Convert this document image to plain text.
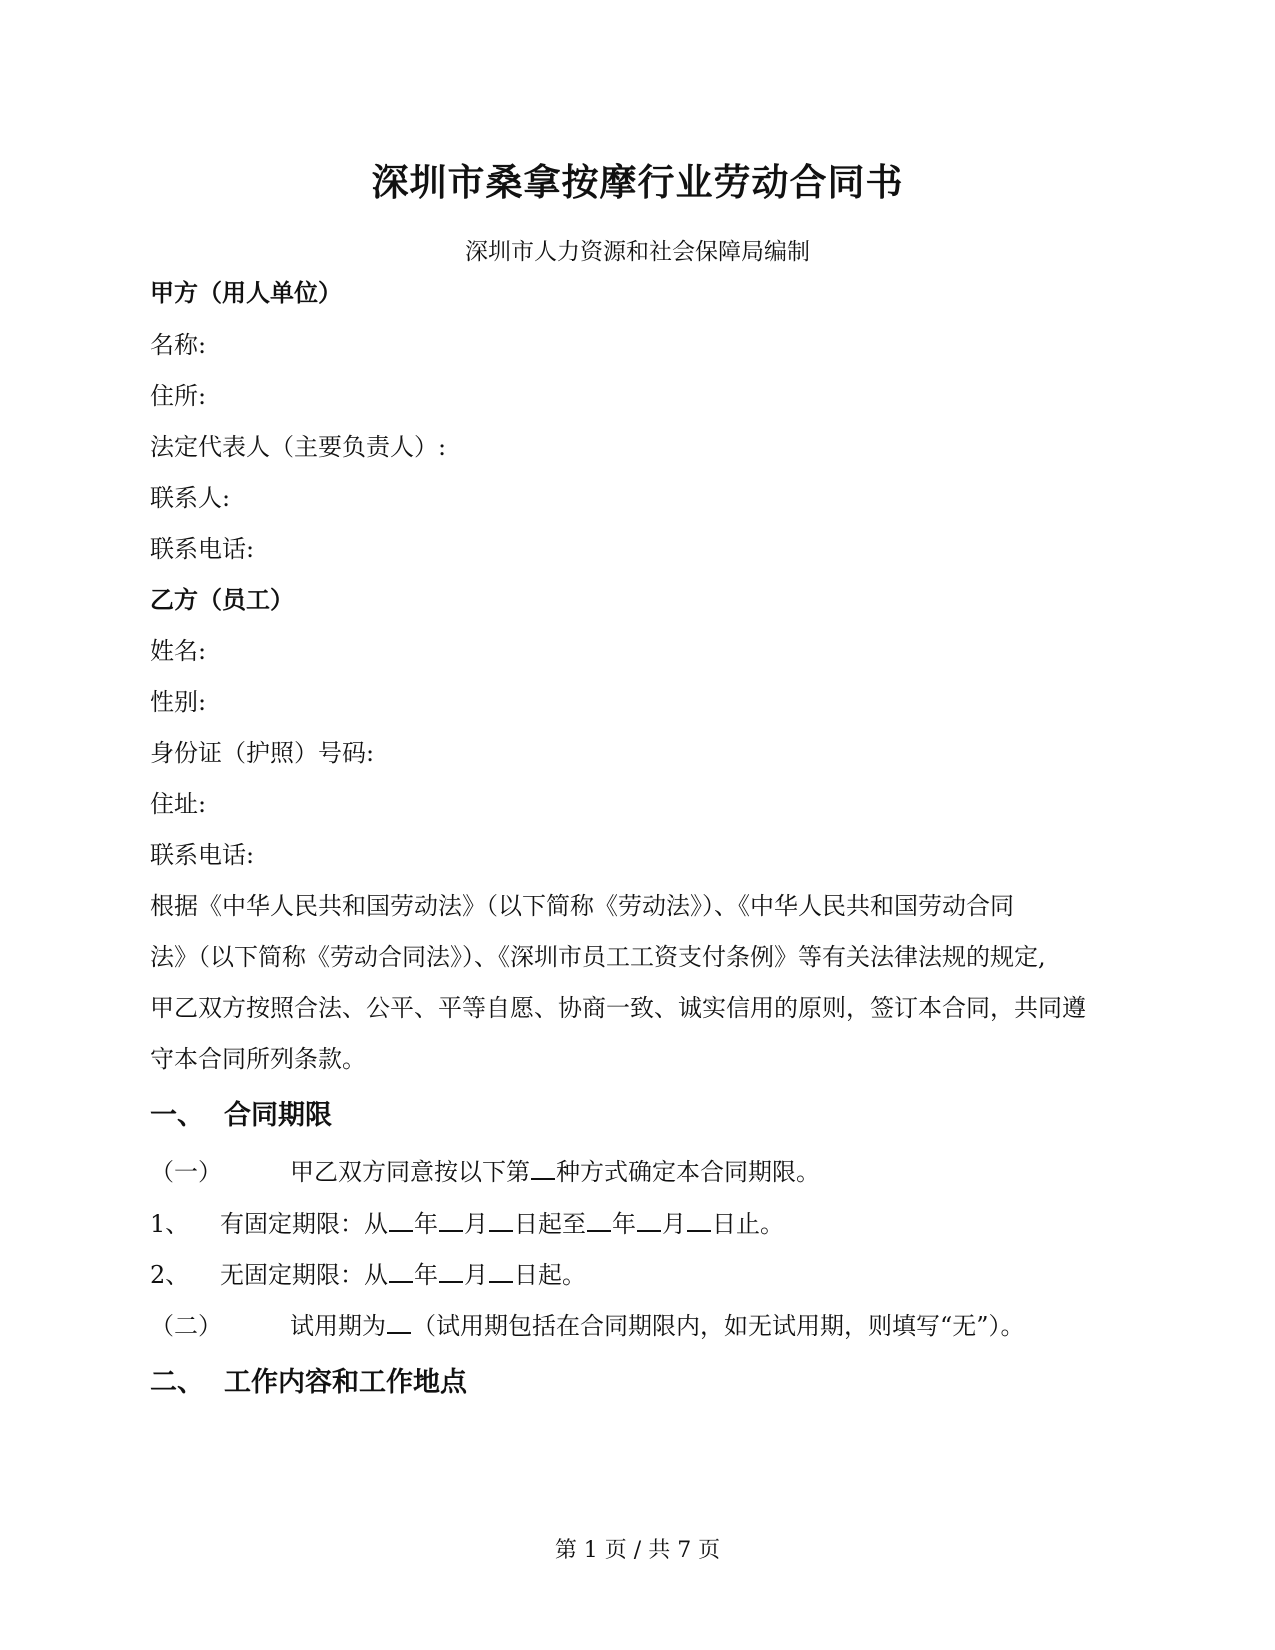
深圳市桑拿按摩行业劳动合同书
深圳市人力资源和社会保障局编制
甲方（用人单位）
名称:
住所:
法定代表人（主要负责人）:
联系人:
联系电话:
乙方（员工）
姓名:
性别:
身份证（护照）号码:
住址:
联系电话:
根据《中华人民共和国劳动法》（以下简称《劳动法》）、《中华人民共和国劳动合同
法》（以下简称《劳动合同法》）、《深圳市员工工资支付条例》等有关法律法规的规定,
甲乙双方按照合法、公平、平等自愿、协商一致、诚实信用的原则，签订本合同，共同遵
守本合同所列条款。
一、 合同期限
（一）	甲乙双方同意按以下第 种方式确定本合同期限。
1、 有固定期限：从 年 月 日起至 年 月 日止。
2、 无固定期限：从 年 月 日起。
（二）	试用期为 （试用期包括在合同期限内，如无试用期，则填写“无”）。
二、 工作内容和工作地点
第 1 页 / 共 7 页
